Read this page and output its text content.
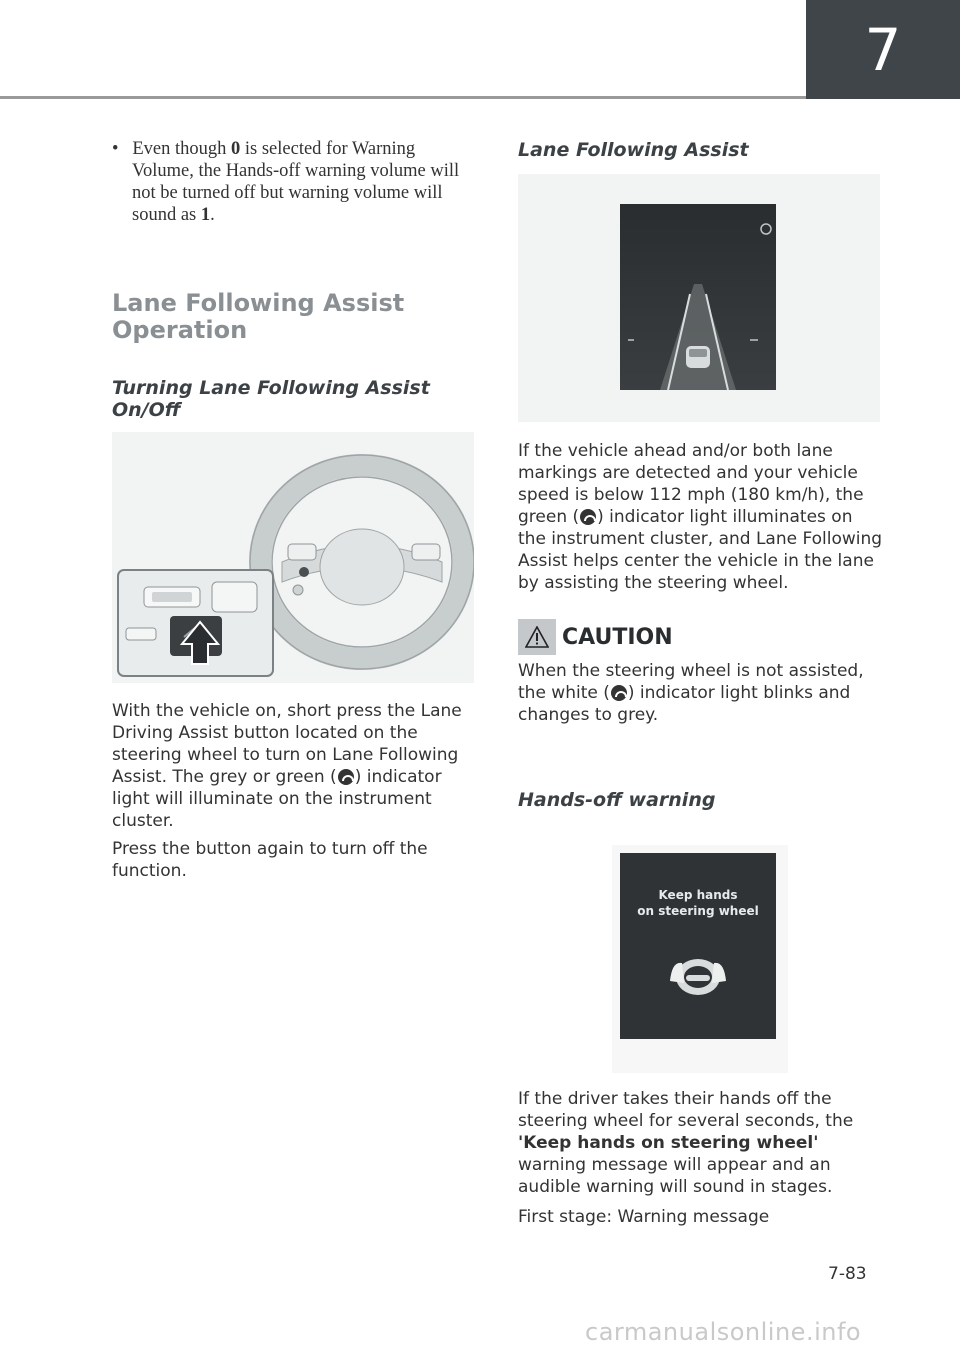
7
•   Even though 0 is selected for Warning Volume, the Hands-off warning volume will not be turned off but warning volume will sound as 1.
Lane Following Assist Operation
Turning Lane Following Assist On/Off
With the vehicle on, short press the Lane Driving Assist button located on the steering wheel to turn on Lane Following Assist. The grey or green ( ) indicator light will illuminate on the instrument cluster.
Press the button again to turn off the function.
Lane Following Assist
If the vehicle ahead and/or both lane markings are detected and your vehicle speed is below 112 mph (180 km/h), the green ( ) indicator light illuminates on the instrument cluster, and Lane Following Assist helps center the vehicle in the lane by assisting the steering wheel.
CAUTION
When the steering wheel is not assisted, the white ( ) indicator light blinks and changes to grey.
Hands-off warning
Keep hands
on steering wheel
If the driver takes their hands off the steering wheel for several seconds, the 'Keep hands on steering wheel' warning message will appear and an audible warning will sound in stages.
First stage: Warning message
7-83
carmanualsonline.info
